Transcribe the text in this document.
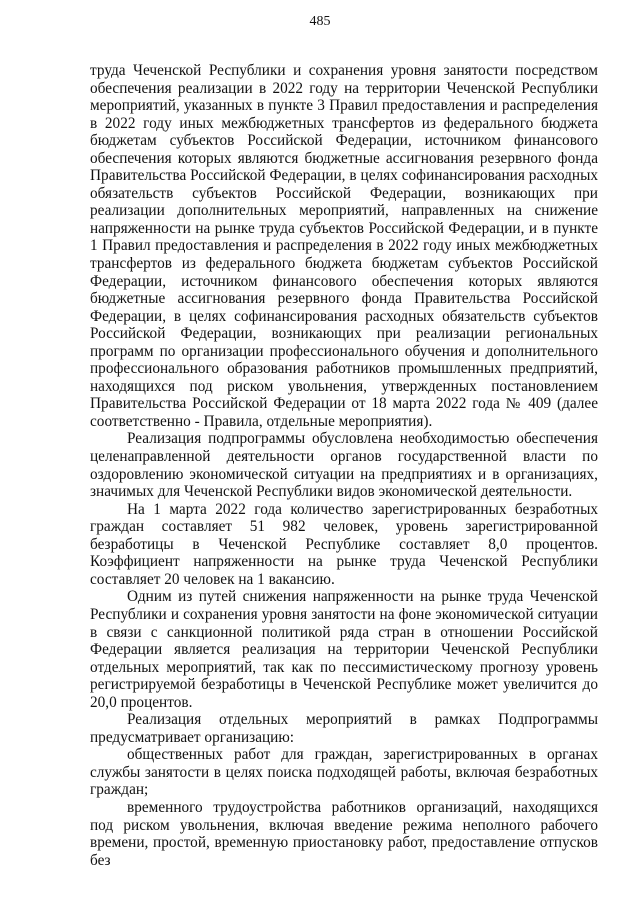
485

труда Чеченской Республики и сохранения уровня занятости посредством обеспечения реализации в 2022 году на территории Чеченской Республики мероприятий, указанных в пункте 3 Правил предоставления и распределения в 2022 году иных межбюджетных трансфертов из федерального бюджета бюджетам субъектов Российской Федерации, источником финансового обеспечения которых являются бюджетные ассигнования резервного фонда Правительства Российской Федерации, в целях софинансирования расходных обязательств субъектов Российской Федерации, возникающих при реализации дополнительных мероприятий, направленных на снижение напряженности на рынке труда субъектов Российской Федерации, и в пункте 1 Правил предоставления и распределения в 2022 году иных межбюджетных трансфертов из федерального бюджета бюджетам субъектов Российской Федерации, источником финансового обеспечения которых являются бюджетные ассигнования резервного фонда Правительства Российской Федерации, в целях софинансирования расходных обязательств субъектов Российской Федерации, возникающих при реализации региональных программ по организации профессионального обучения и дополнительного профессионального образования работников промышленных предприятий, находящихся под риском увольнения, утвержденных постановлением Правительства Российской Федерации от 18 марта 2022 года № 409 (далее соответственно - Правила, отдельные мероприятия).

Реализация подпрограммы обусловлена необходимостью обеспечения целенаправленной деятельности органов государственной власти по оздоровлению экономической ситуации на предприятиях и в организациях, значимых для Чеченской Республики видов экономической деятельности.

На 1 марта 2022 года количество зарегистрированных безработных граждан составляет 51 982 человек, уровень зарегистрированной безработицы в Чеченской Республике составляет 8,0 процентов. Коэффициент напряженности на рынке труда Чеченской Республики составляет 20 человек на 1 вакансию.

Одним из путей снижения напряженности на рынке труда Чеченской Республики и сохранения уровня занятости на фоне экономической ситуации в связи с санкционной политикой ряда стран в отношении Российской Федерации является реализация на территории Чеченской Республики отдельных мероприятий, так как по пессимистическому прогнозу уровень регистрируемой безработицы в Чеченской Республике может увеличится до 20,0 процентов.

Реализация отдельных мероприятий в рамках Подпрограммы предусматривает организацию:

общественных работ для граждан, зарегистрированных в органах службы занятости в целях поиска подходящей работы, включая безработных граждан;

временного трудоустройства работников организаций, находящихся под риском увольнения, включая введение режима неполного рабочего времени, простой, временную приостановку работ, предоставление отпусков без
